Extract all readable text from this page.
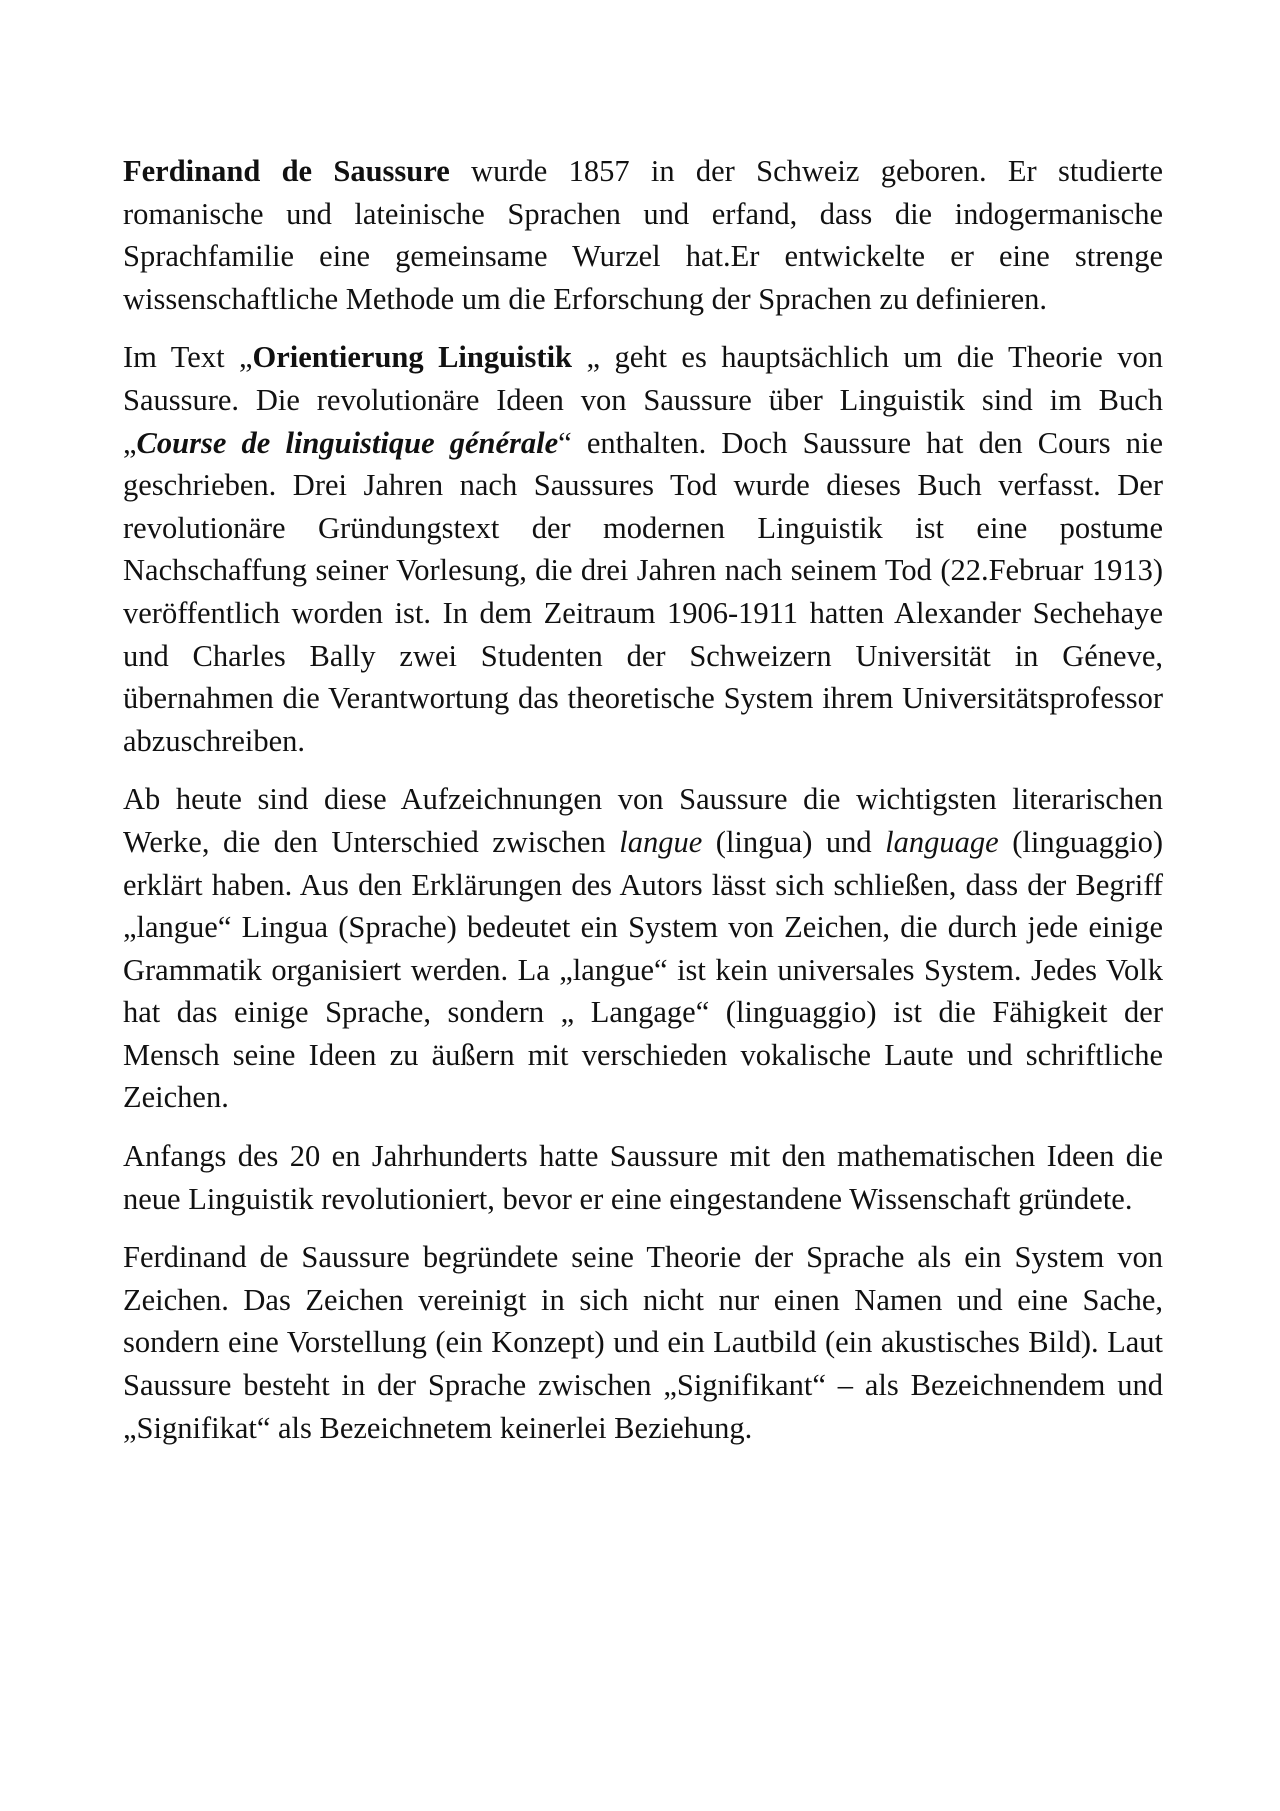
Ferdinand de Saussure wurde 1857 in der Schweiz geboren. Er studierte romanische und lateinische Sprachen und erfand, dass die indogermanische Sprachfamilie eine gemeinsame Wurzel hat.Er entwickelte er eine strenge wissenschaftliche Methode um die Erforschung der Sprachen zu definieren.

Im Text „Orientierung Linguistik „ geht es hauptsächlich um die Theorie von Saussure. Die revolutionäre Ideen von Saussure über Linguistik sind im Buch „Course de linguistique générale“ enthalten. Doch Saussure hat den Cours nie geschrieben. Drei Jahren nach Saussures Tod wurde dieses Buch verfasst. Der revolutionäre Gründungstext der modernen Linguistik ist eine postume Nachschaffung seiner Vorlesung, die drei Jahren nach seinem Tod (22.Februar 1913) veröffentlich worden ist. In dem Zeitraum 1906-1911 hatten Alexander Sechehaye und Charles Bally zwei Studenten der Schweizern Universität in Géneve, übernahmen die Verantwortung das theoretische System ihrem Universitätsprofessor abzuschreiben.

Ab heute sind diese Aufzeichnungen von Saussure die wichtigsten literarischen Werke, die den Unterschied zwischen langue (lingua) und language (linguaggio) erklärt haben. Aus den Erklärungen des Autors lässt sich schließen, dass der Begriff „langue“ Lingua (Sprache) bedeutet ein System von Zeichen, die durch jede einige Grammatik organisiert werden. La „langue“ ist kein universales System. Jedes Volk hat das einige Sprache, sondern „ Langage“ (linguaggio) ist die Fähigkeit der Mensch seine Ideen zu äußern mit verschieden vokalische Laute und schriftliche Zeichen.

Anfangs des 20 en Jahrhunderts hatte Saussure mit den mathematischen Ideen die neue Linguistik revolutioniert, bevor er eine eingestandene Wissenschaft gründete.

Ferdinand de Saussure begründete seine Theorie der Sprache als ein System von Zeichen. Das Zeichen vereinigt in sich nicht nur einen Namen und eine Sache, sondern eine Vorstellung (ein Konzept) und ein Lautbild (ein akustisches Bild). Laut Saussure besteht in der Sprache zwischen „Signifikant“ – als Bezeichnendem und „Signifikat“ als Bezeichnetem keinerlei Beziehung.
